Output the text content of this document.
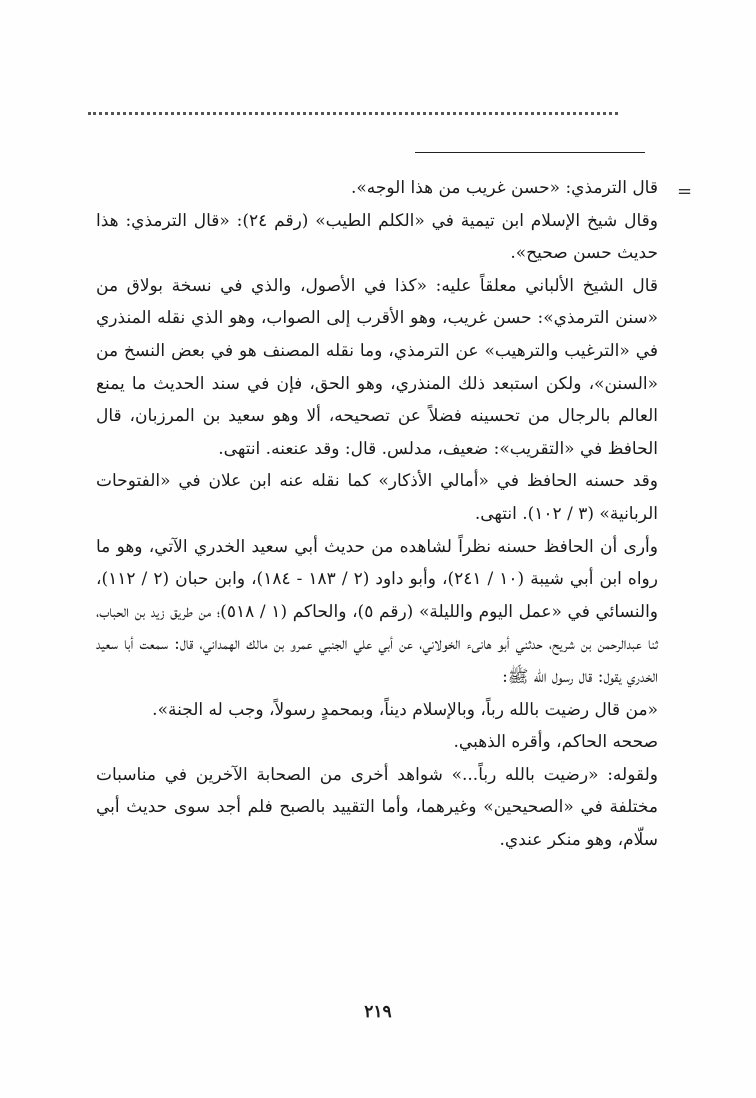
=

قال الترمذي: «حسن غريب من هذا الوجه».

وقال شيخ الإسلام ابن تيمية في «الكلم الطيب» (رقم ٢٤): «قال الترمذي: هذا حديث حسن صحيح».

قال الشيخ الألباني معلقاً عليه: «كذا في الأصول، والذي في نسخة بولاق من «سنن الترمذي»: حسن غريب، وهو الأقرب إلى الصواب، وهو الذي نقله المنذري في «الترغيب والترهيب» عن الترمذي، وما نقله المصنف هو في بعض النسخ من «السنن»، ولكن استبعد ذلك المنذري، وهو الحق، فإن في سند الحديث ما يمنع العالم بالرجال من تحسينه فضلاً عن تصحيحه، ألا وهو سعيد بن المرزبان، قال الحافظ في «التقريب»: ضعيف، مدلس. قال: وقد عنعنه. انتهى.

وقد حسنه الحافظ في «أمالي الأذكار» كما نقله عنه ابن علان في «الفتوحات الربانية» (٣ / ١٠٢). انتهى.

وأرى أن الحافظ حسنه نظراً لشاهده من حديث أبي سعيد الخدري الآتي، وهو ما رواه ابن أبي شيبة (١٠ / ٢٤١)، وأبو داود (٢ / ١٨٣ - ١٨٤)، وابن حبان (٢ / ١١٢)، والنسائي في «عمل اليوم والليلة» (رقم ٥)، والحاكم (١ / ٥١٨)؛ من طريق زيد بن الحباب، ثنا عبدالرحمن بن شريح، حدثني أبو هانىء الخولاني، عن أبي علي الجنبي عمرو بن مالك الهمداني، قال: سمعت أبا سعيد الخدري يقول: قال رسول الله ﷺ:

«من قال رضيت بالله رباً، وبالإسلام ديناً، وبمحمدٍ رسولاً، وجب له الجنة».

صححه الحاكم، وأقره الذهبي.

ولقوله: «رضيت بالله رباً...» شواهد أخرى من الصحابة الآخرين في مناسبات مختلفة في «الصحيحين» وغيرهما، وأما التقييد بالصبح فلم أجد سوى حديث أبي سلّام، وهو منكر عندي.

٢١٩
